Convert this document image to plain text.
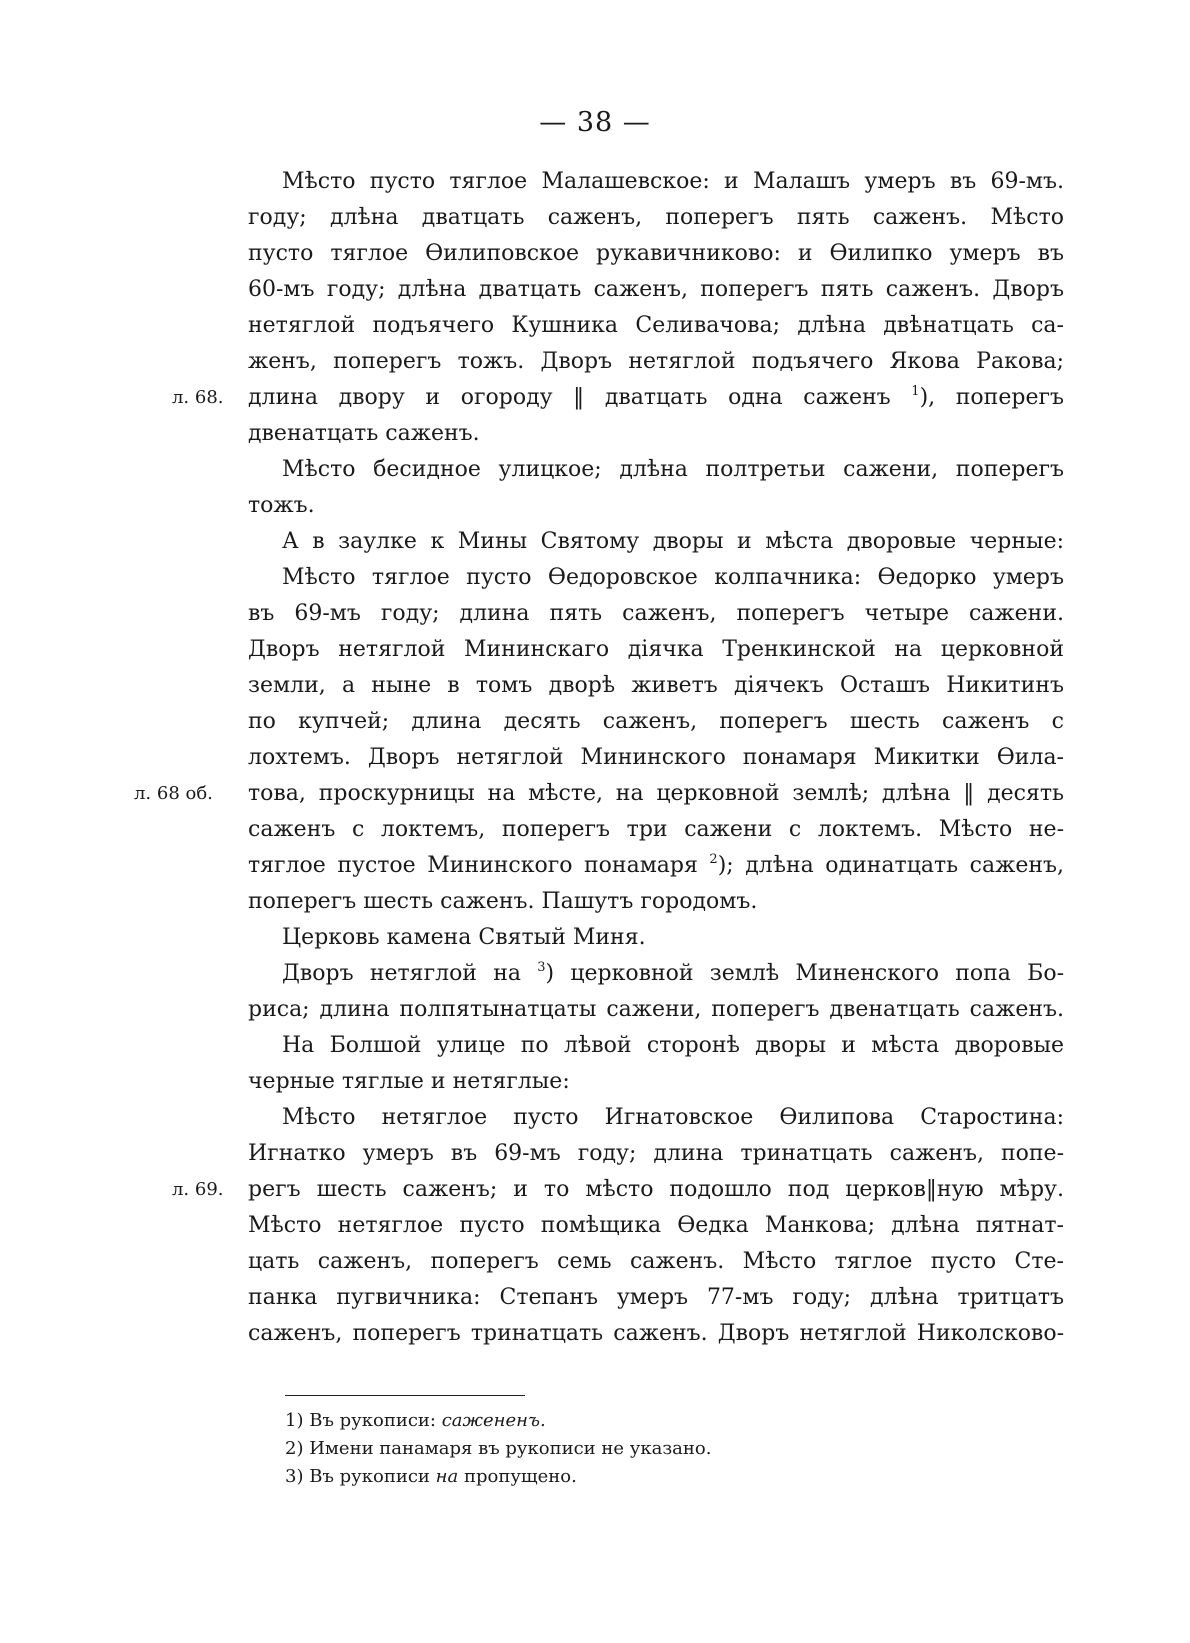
— 38 —
Мѣсто пусто тяглое Малашевское: и Малашъ умеръ въ 69-мъ.
году; длѣна дватцать саженъ, поперегъ пять саженъ. Мѣсто
пусто тяглое Ѳилиповское рукавичниково: и Ѳилипко умеръ въ
60-мъ году; длѣна дватцать саженъ, поперегъ пять саженъ. Дворъ
нетяглой подъячего Кушника Селивачова; длѣна двѣнатцать са-
женъ, поперегъ тожъ. Дворъ нетяглой подъячего Якова Ракова;
л. 68. длина двору и огороду ‖ дватцать одна саженъ $^1$), поперегъ
двенатцать саженъ.
Мѣсто бесидное улицкое; длѣна полтретьи сажени, поперегъ
тожъ.
А в заулке к Мины Святому дворы и мѣста дворовые черные:
Мѣсто тяглое пусто Ѳедоровское колпачника: Ѳедорко умеръ
въ 69-мъ году; длина пять саженъ, поперегъ четыре сажени.
Дворъ нетяглой Мининскаго дiячка Тренкинской на церковной
земли, а ныне в томъ дворѣ живетъ дiячекъ Осташъ Никитинъ
по купчей; длина десять саженъ, поперегъ шесть саженъ с
лохтемъ. Дворъ нетяглой Мининского понамаря Микитки Ѳила-
л. 68 об. това, проскурницы на мѣсте, на церковной землѣ; длѣна ‖ десять
саженъ с локтемъ, поперегъ три сажени с локтемъ. Мѣсто не-
тяглое пустое Мининского понамаря $^2$); длѣна одинатцать саженъ,
поперегъ шесть саженъ. Пашутъ городомъ.
Церковь камена Святый Миня.
Дворъ нетяглой на $^3$) церковной землѣ Миненского попа Бо-
риса; длина полпятынатцаты сажени, поперегъ двенатцать саженъ.
На Болшой улице по лѣвой сторонѣ дворы и мѣста дворовые
черные тяглые и нетяглые:
Мѣсто нетяглое пусто Игнатовское Ѳилипова Старостина:
Игнатко умеръ въ 69-мъ году; длина тринатцать саженъ, попе-
л. 69. регъ шесть саженъ; и то мѣсто подошло под церков‖ную мѣру.
Мѣсто нетяглое пусто помѣщика Ѳедка Манкова; длѣна пятнат-
цать саженъ, поперегъ семь саженъ. Мѣсто тяглое пусто Сте-
панка пугвичника: Степанъ умеръ 77-мъ году; длѣна тритцатъ
саженъ, поперегъ тринатцать саженъ. Дворъ нетяглой Николсково-
1) Въ рукописи: сажененъ.
2) Имени панамаря въ рукописи не указано.
3) Въ рукописи на пропущено.
